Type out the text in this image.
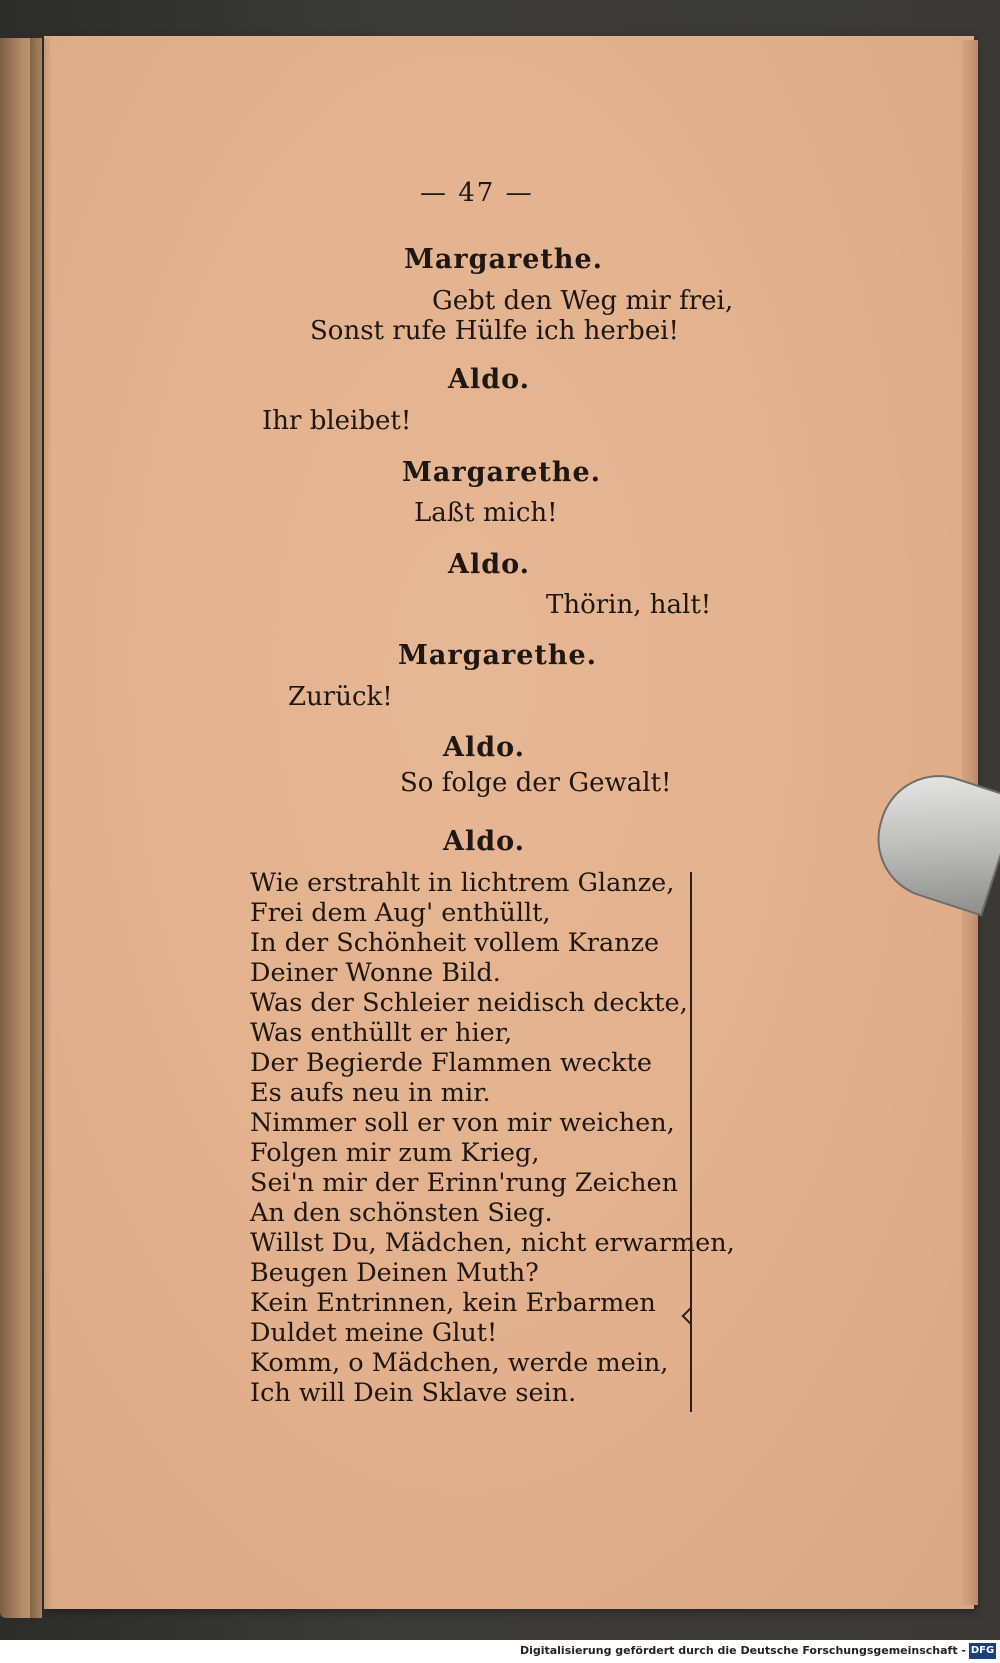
— 47 —
Margarethe.
Gebt den Weg mir frei,
Sonst rufe Hülfe ich herbei!
Aldo.
Ihr bleibet!
Margarethe.
Laßt mich!
Aldo.
Thörin, halt!
Margarethe.
Zurück!
Aldo.
So folge der Gewalt!
Aldo.
Wie erstrahlt in lichtrem Glanze,
Frei dem Aug' enthüllt,
In der Schönheit vollem Kranze
Deiner Wonne Bild.
Was der Schleier neidisch deckte,
Was enthüllt er hier,
Der Begierde Flammen weckte
Es aufs neu in mir.
Nimmer soll er von mir weichen,
Folgen mir zum Krieg,
Sei'n mir der Erinn'rung Zeichen
An den schönsten Sieg.
Willst Du, Mädchen, nicht erwarmen,
Beugen Deinen Muth?
Kein Entrinnen, kein Erbarmen
Duldet meine Glut!
Komm, o Mädchen, werde mein,
Ich will Dein Sklave sein.
Digitalisierung gefördert durch die Deutsche Forschungsgemeinschaft - DFG
